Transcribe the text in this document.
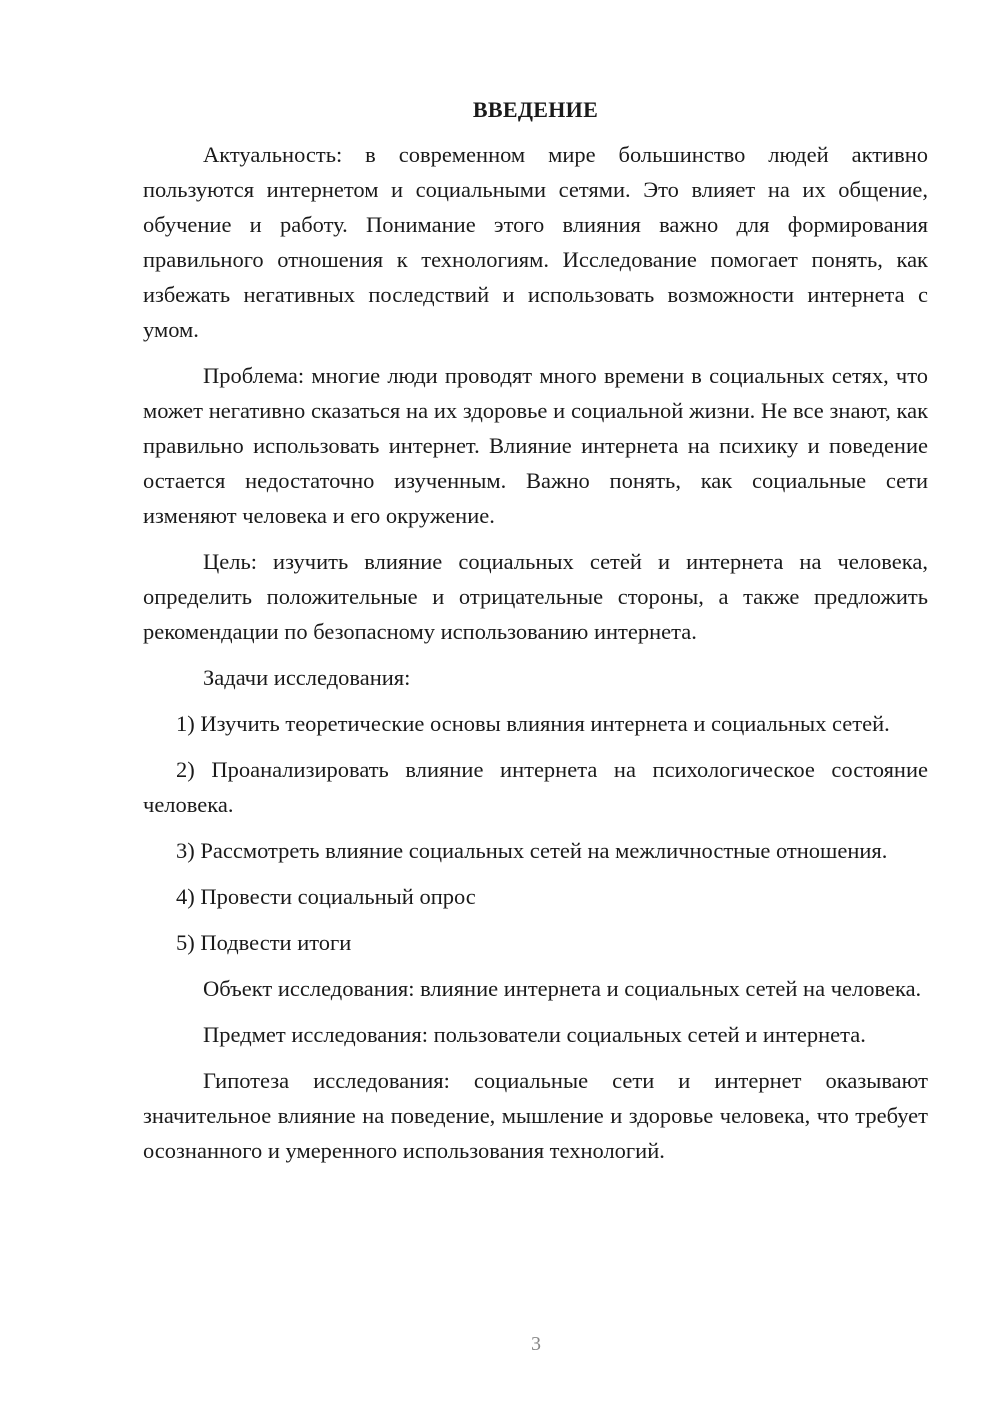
ВВЕДЕНИЕ

Актуальность: в современном мире большинство людей активно пользуются интернетом и социальными сетями. Это влияет на их общение, обучение и работу. Понимание этого влияния важно для формирования правильного отношения к технологиям. Исследование помогает понять, как избежать негативных последствий и использовать возможности интернета с умом.

Проблема: многие люди проводят много времени в социальных сетях, что может негативно сказаться на их здоровье и социальной жизни. Не все знают, как правильно использовать интернет. Влияние интернета на психику и поведение остается недостаточно изученным. Важно понять, как социальные сети изменяют человека и его окружение.

Цель: изучить влияние социальных сетей и интернета на человека, определить положительные и отрицательные стороны, а также предложить рекомендации по безопасному использованию интернета.

Задачи исследования:

1) Изучить теоретические основы влияния интернета и социальных сетей.

2) Проанализировать влияние интернета на психологическое состояние человека.

3) Рассмотреть влияние социальных сетей на межличностные отношения.

4) Провести социальный опрос

5) Подвести итоги

Объект исследования: влияние интернета и социальных сетей на человека.

Предмет исследования: пользователи социальных сетей и интернета.

Гипотеза исследования: социальные сети и интернет оказывают значительное влияние на поведение, мышление и здоровье человека, что требует осознанного и умеренного использования технологий.

3
